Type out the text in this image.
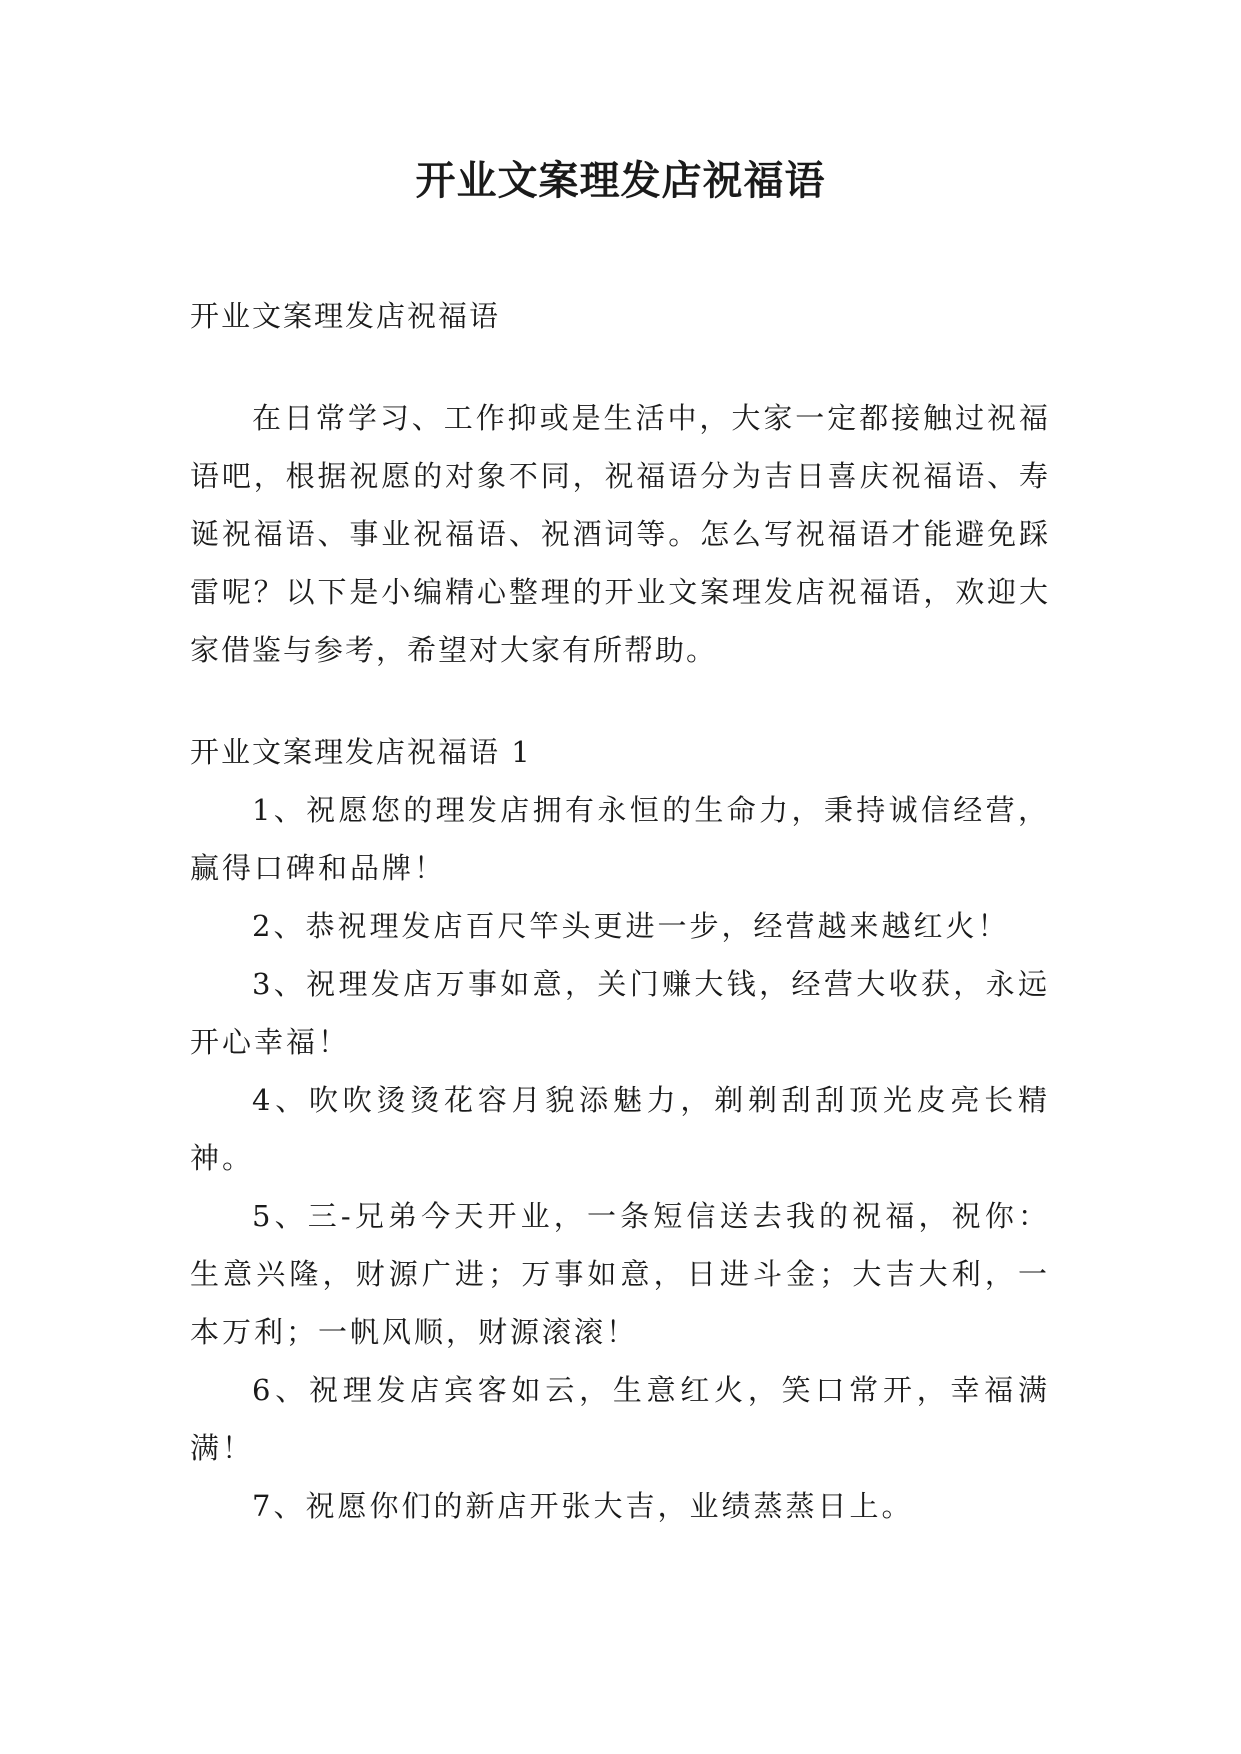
开业文案理发店祝福语

开业文案理发店祝福语

在日常学习、工作抑或是生活中，大家一定都接触过祝福语吧，根据祝愿的对象不同，祝福语分为吉日喜庆祝福语、寿诞祝福语、事业祝福语、祝酒词等。怎么写祝福语才能避免踩雷呢？以下是小编精心整理的开业文案理发店祝福语，欢迎大家借鉴与参考，希望对大家有所帮助。

开业文案理发店祝福语 1

1、祝愿您的理发店拥有永恒的生命力，秉持诚信经营，赢得口碑和品牌！

2、恭祝理发店百尺竿头更进一步，经营越来越红火！

3、祝理发店万事如意，关门赚大钱，经营大收获，永远开心幸福！

4、吹吹烫烫花容月貌添魅力，剃剃刮刮顶光皮亮长精神。

5、三-兄弟今天开业，一条短信送去我的祝福，祝你：生意兴隆，财源广进；万事如意，日进斗金；大吉大利，一本万利；一帆风顺，财源滚滚！

6、祝理发店宾客如云，生意红火，笑口常开，幸福满满！

7、祝愿你们的新店开张大吉，业绩蒸蒸日上。
